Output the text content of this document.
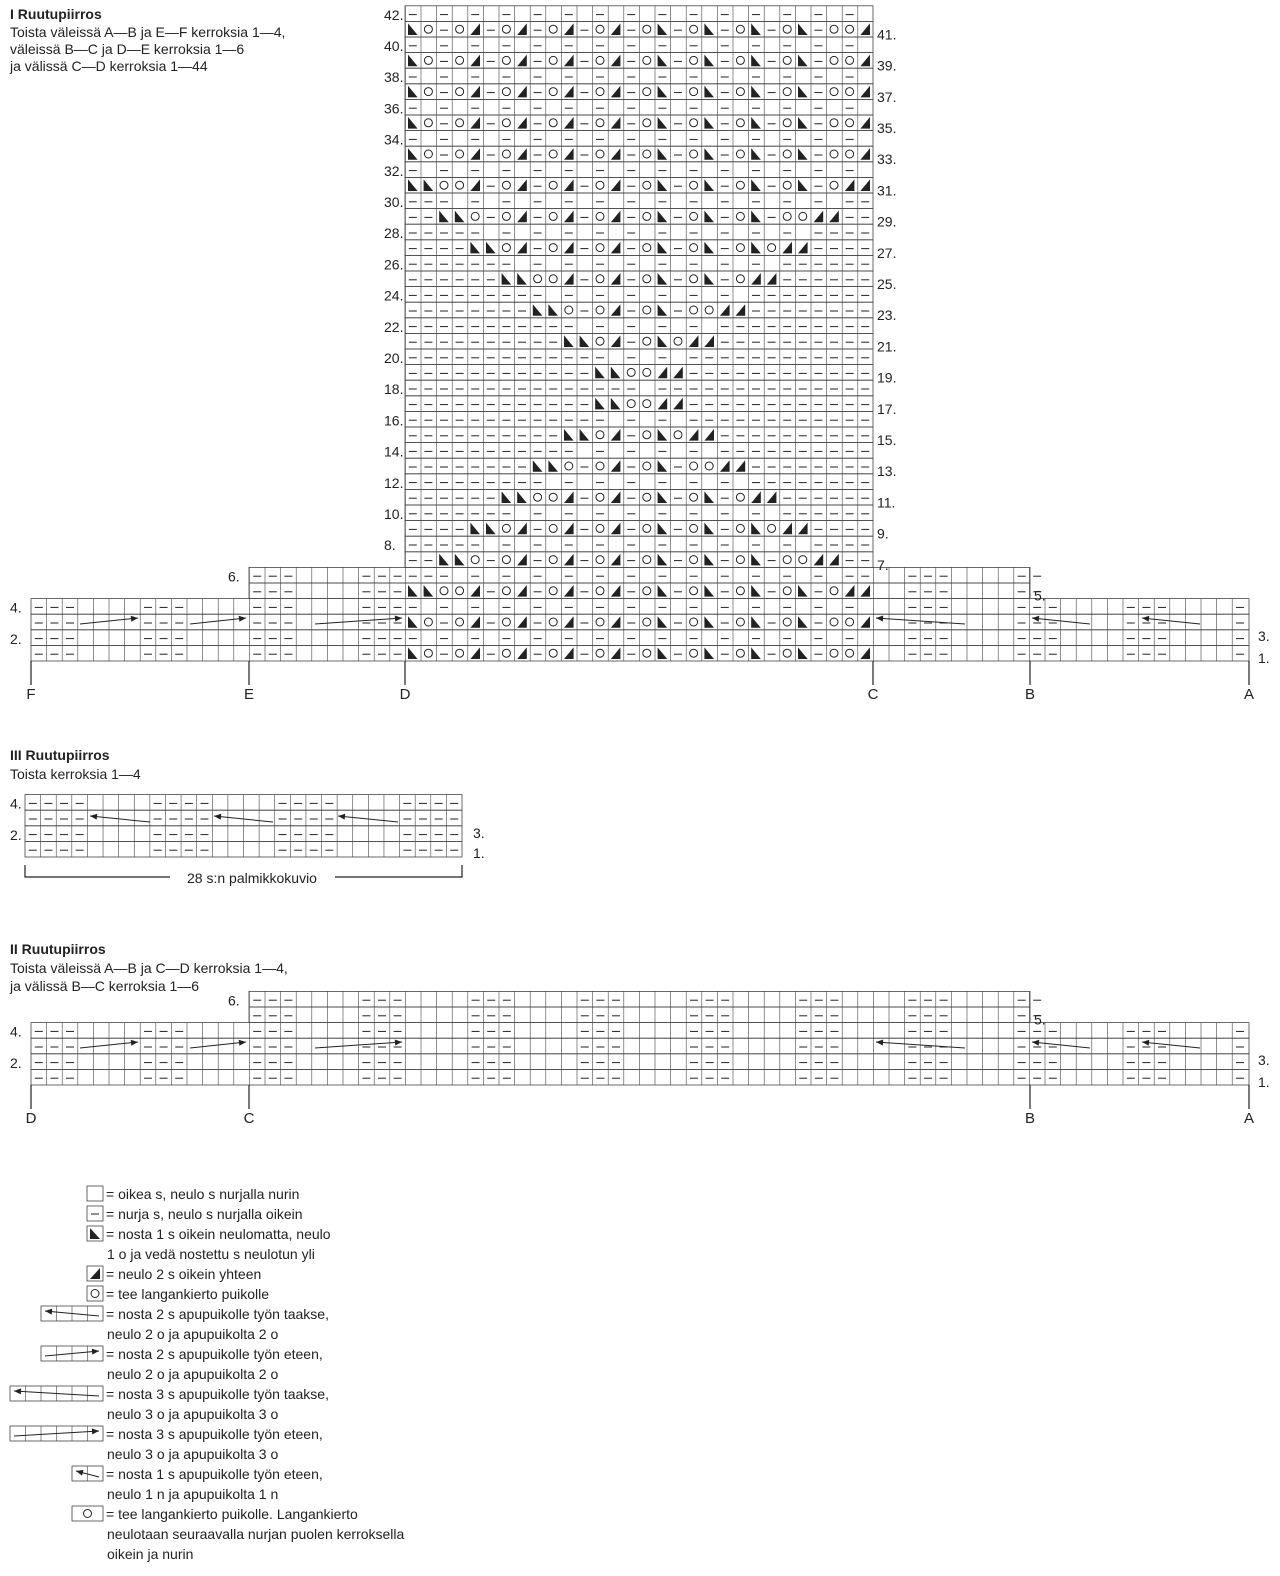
I Ruutupiirros
Toista väleissä A—B ja E—F kerroksia 1—4,
väleissä B—C ja D—E kerroksia 1—6
ja välissä C—D kerroksia 1—44
III Ruutupiirros
Toista kerroksia 1—4
II Ruutupiirros
Toista väleissä A—B ja C—D kerroksia 1—4,
ja välissä B—C kerroksia 1—6
4.
2.
6.
3.
1.
5.
8.
10.
12.
14.
16.
18.
20.
22.
24.
26.
28.
30.
32.
34.
36.
38.
40.
42.
7.
9.
11.
13.
15.
17.
19.
21.
23.
25.
27.
29.
31.
33.
35.
37.
39.
41.
F	E	D	C	B	A
4.
2.	3.
1.
28 s:n palmikkokuvio
4.
2.
6.
5.
3.
1.
D	C	B	A
= oikea s, neulo s nurjalla nurin
= nurja s, neulo s nurjalla oikein
= nosta 1 s oikein neulomatta, neulo
1 o ja vedä nostettu s neulotun yli
= neulo 2 s oikein yhteen
= tee langankierto puikolle
= nosta 2 s apupuikolle työn taakse,
neulo 2 o ja apupuikolta 2 o
= nosta 2 s apupuikolle työn eteen,
neulo 2 o ja apupuikolta 2 o
= nosta 3 s apupuikolle työn taakse,
neulo 3 o ja apupuikolta 3 o
= nosta 3 s apupuikolle työn eteen,
neulo 3 o ja apupuikolta 3 o
= nosta 1 s apupuikolle työn eteen,
neulo 1 n ja apupuikolta 1 n
= tee langankierto puikolle. Langankierto
neulotaan seuraavalla nurjan puolen kerroksella
oikein ja nurin
